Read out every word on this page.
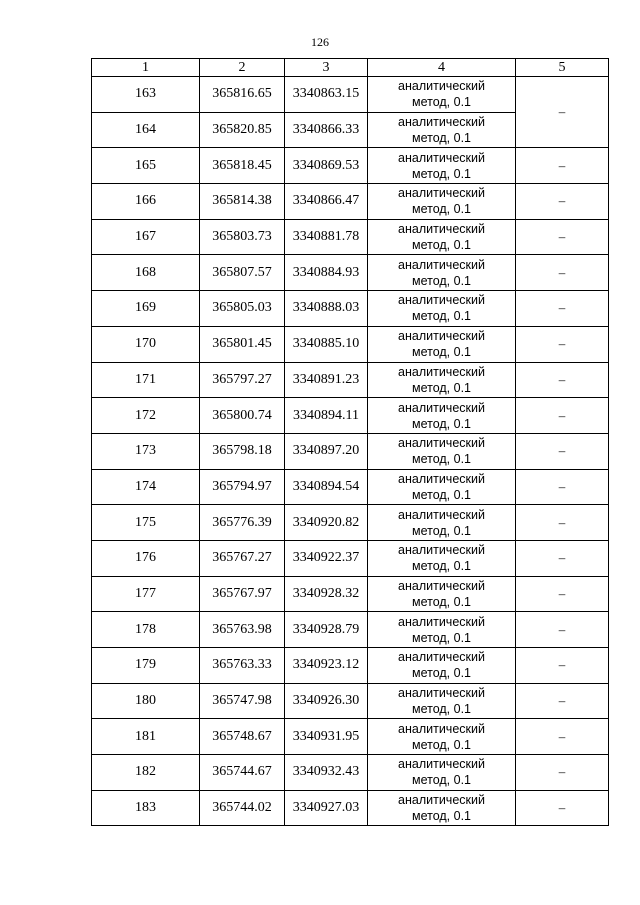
126
1	2	3	4	5
163	365816.65	3340863.15	аналитический
метод, 0.1	–
164	365820.85	3340866.33	аналитический
метод, 0.1	

165	365818.45	3340869.53	аналитический
метод, 0.1	–
166	365814.38	3340866.47	аналитический
метод, 0.1	–
167	365803.73	3340881.78	аналитический
метод, 0.1	–
168	365807.57	3340884.93	аналитический
метод, 0.1	–
169	365805.03	3340888.03	аналитический
метод, 0.1	–
170	365801.45	3340885.10	аналитический
метод, 0.1	–
171	365797.27	3340891.23	аналитический
метод, 0.1	–
172	365800.74	3340894.11	аналитический
метод, 0.1	–
173	365798.18	3340897.20	аналитический
метод, 0.1	–
174	365794.97	3340894.54	аналитический
метод, 0.1	–
175	365776.39	3340920.82	аналитический
метод, 0.1	–
176	365767.27	3340922.37	аналитический
метод, 0.1	–
177	365767.97	3340928.32	аналитический
метод, 0.1	–
178	365763.98	3340928.79	аналитический
метод, 0.1	–
179	365763.33	3340923.12	аналитический
метод, 0.1	–
180	365747.98	3340926.30	аналитический
метод, 0.1	–
181	365748.67	3340931.95	аналитический
метод, 0.1	–
182	365744.67	3340932.43	аналитический
метод, 0.1	–
183	365744.02	3340927.03	аналитический
метод, 0.1	–
